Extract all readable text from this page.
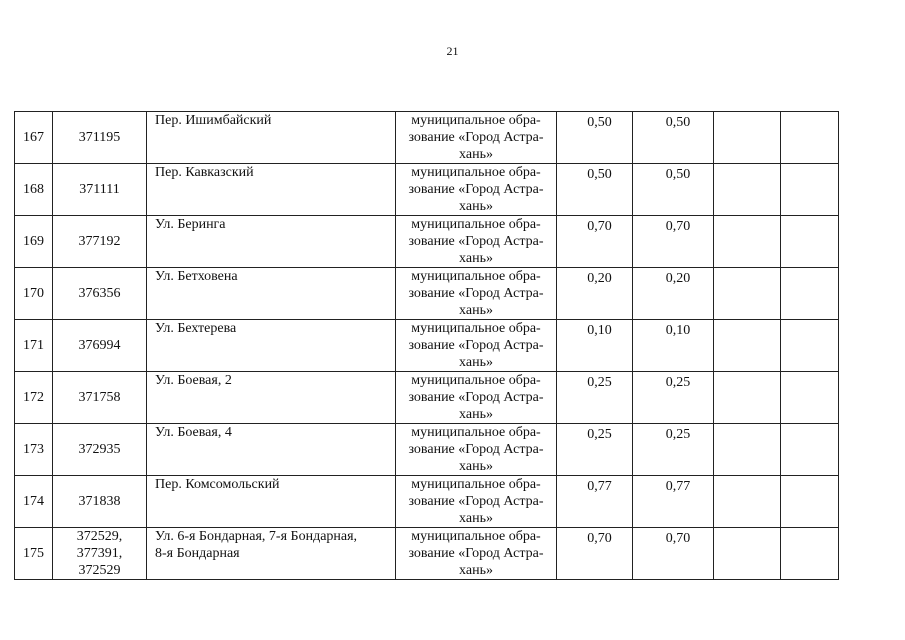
21
167	371195	Пер. Ишимбайский	муниципальное обра-
зование «Город Астра-
хань»	0,50	0,50		

168	371111	Пер. Кавказский	муниципальное обра-
зование «Город Астра-
хань»	0,50	0,50		

169	377192	Ул. Беринга	муниципальное обра-
зование «Город Астра-
хань»	0,70	0,70		

170	376356	Ул. Бетховена	муниципальное обра-
зование «Город Астра-
хань»	0,20	0,20		

171	376994	Ул. Бехтерева	муниципальное обра-
зование «Город Астра-
хань»	0,10	0,10		

172	371758	Ул. Боевая, 2	муниципальное обра-
зование «Город Астра-
хань»	0,25	0,25		

173	372935	Ул. Боевая, 4	муниципальное обра-
зование «Город Астра-
хань»	0,25	0,25		

174	371838	Пер. Комсомольский	муниципальное обра-
зование «Город Астра-
хань»	0,77	0,77		

175	372529,
377391,
372529	Ул. 6-я Бондарная, 7-я Бондарная,
8-я Бондарная	муниципальное обра-
зование «Город Астра-
хань»	0,70	0,70		
